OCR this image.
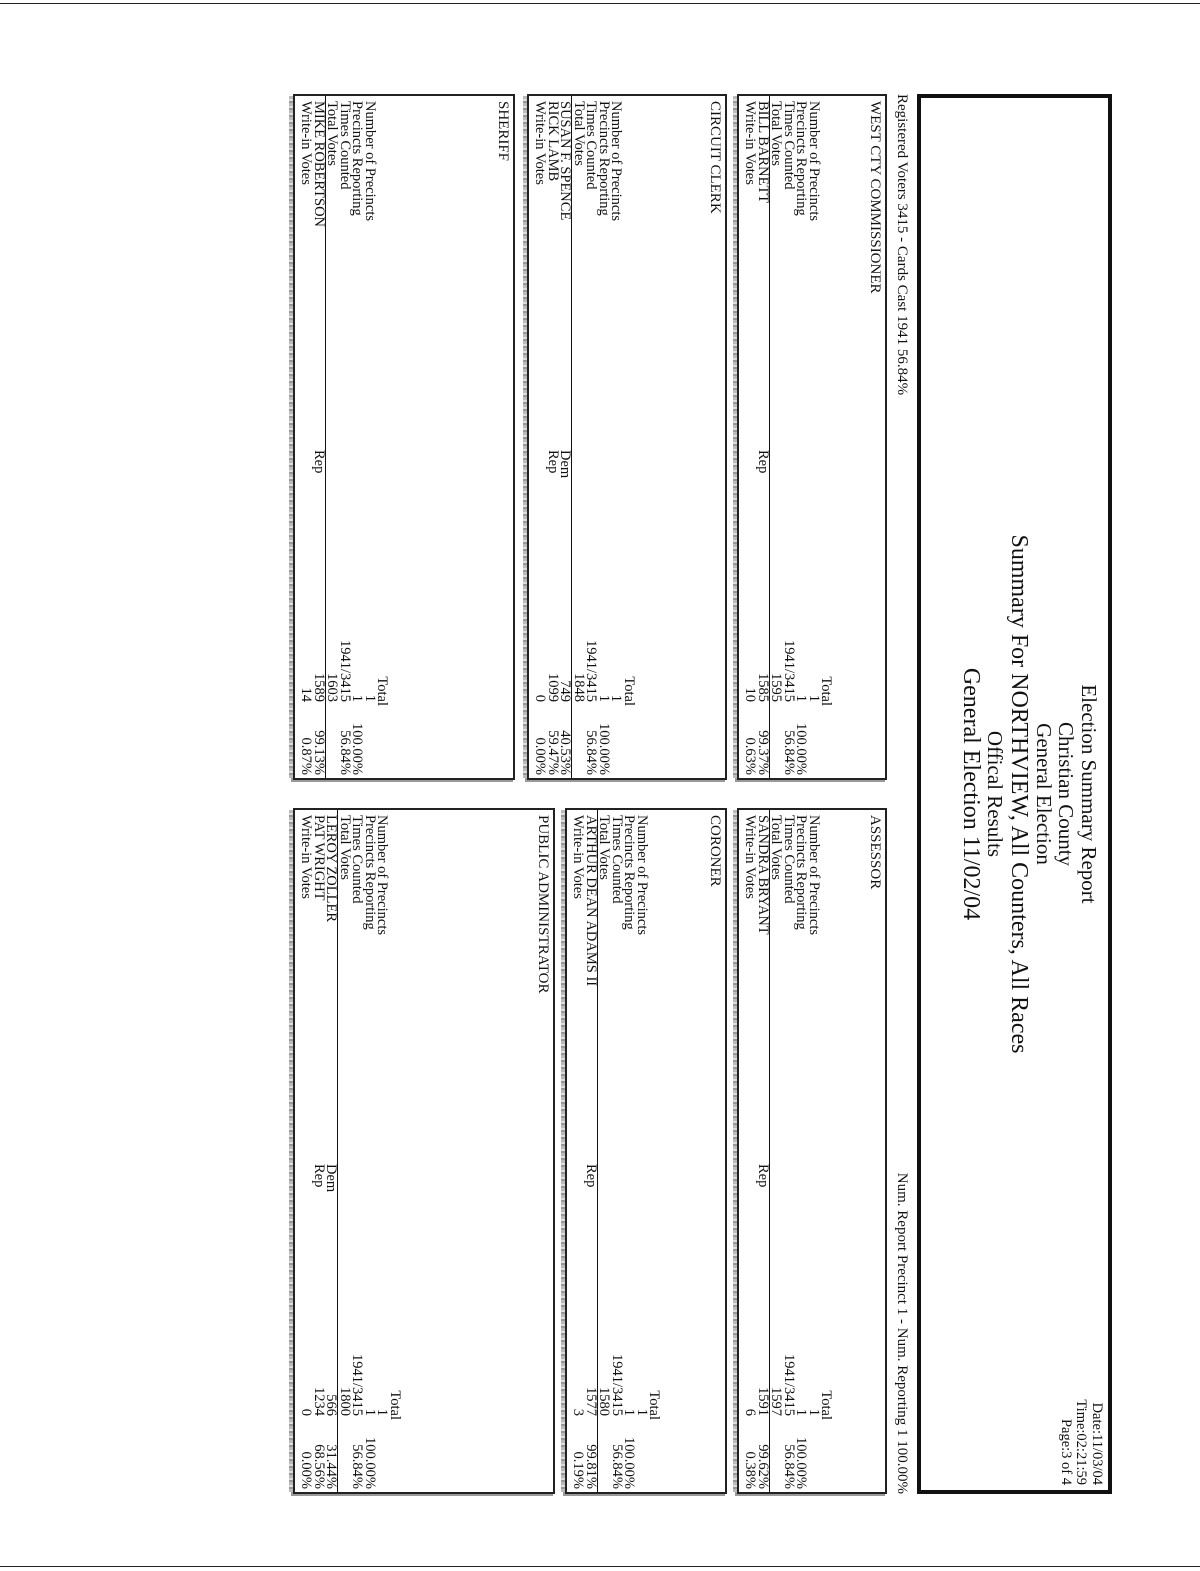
Election Summary Report
Christian County
General Election
Summary For NORTHVIEW, All Counters, All Races
Offical Results
General Election 11/02/04
Date:11/03/04
Time:02:21:59
Page:3 of 4
Registered Voters 3415 - Cards Cast 1941 56.84%
Num. Report Precinct 1 - Num. Reporting 1 100.00%
WEST CTY COMMISSIONER
Total
Number of Precincts
1
Precincts Reporting
1
100.00%
Times Counted
1941/3415
56.84%
Total Votes
1595
BILL BARNETT
Rep
1585
99.37%
Write-in Votes
10
0.63%
ASSESSOR
Total
Number of Precincts
1
Precincts Reporting
1
100.00%
Times Counted
1941/3415
56.84%
Total Votes
1597
SANDRA BRYANT
Rep
1591
99.62%
Write-in Votes
6
0.38%
CIRCUIT CLERK
Total
Number of Precincts
1
Precincts Reporting
1
100.00%
Times Counted
1941/3415
56.84%
Total Votes
1848
SUSAN F. SPENCE
Dem
749
40.53%
RICK LAMB
Rep
1099
59.47%
Write-in Votes
0
0.00%
CORONER
Total
Number of Precincts
1
Precincts Reporting
1
100.00%
Times Counted
1941/3415
56.84%
Total Votes
1580
ARTHUR DEAN ADAMS II
Rep
1577
99.81%
Write-in Votes
3
0.19%
SHERIFF
Total
Number of Precincts
1
Precincts Reporting
1
100.00%
Times Counted
1941/3415
56.84%
Total Votes
1603
MIKE ROBERTSON
Rep
1589
99.13%
Write-in Votes
14
0.87%
PUBLIC ADMINISTRATOR
Total
Number of Precincts
1
Precincts Reporting
1
100.00%
Times Counted
1941/3415
56.84%
Total Votes
1800
LEROY ZOLLER
Dem
566
31.44%
PAT WRIGHT
Rep
1234
68.56%
Write-in Votes
0
0.00%
